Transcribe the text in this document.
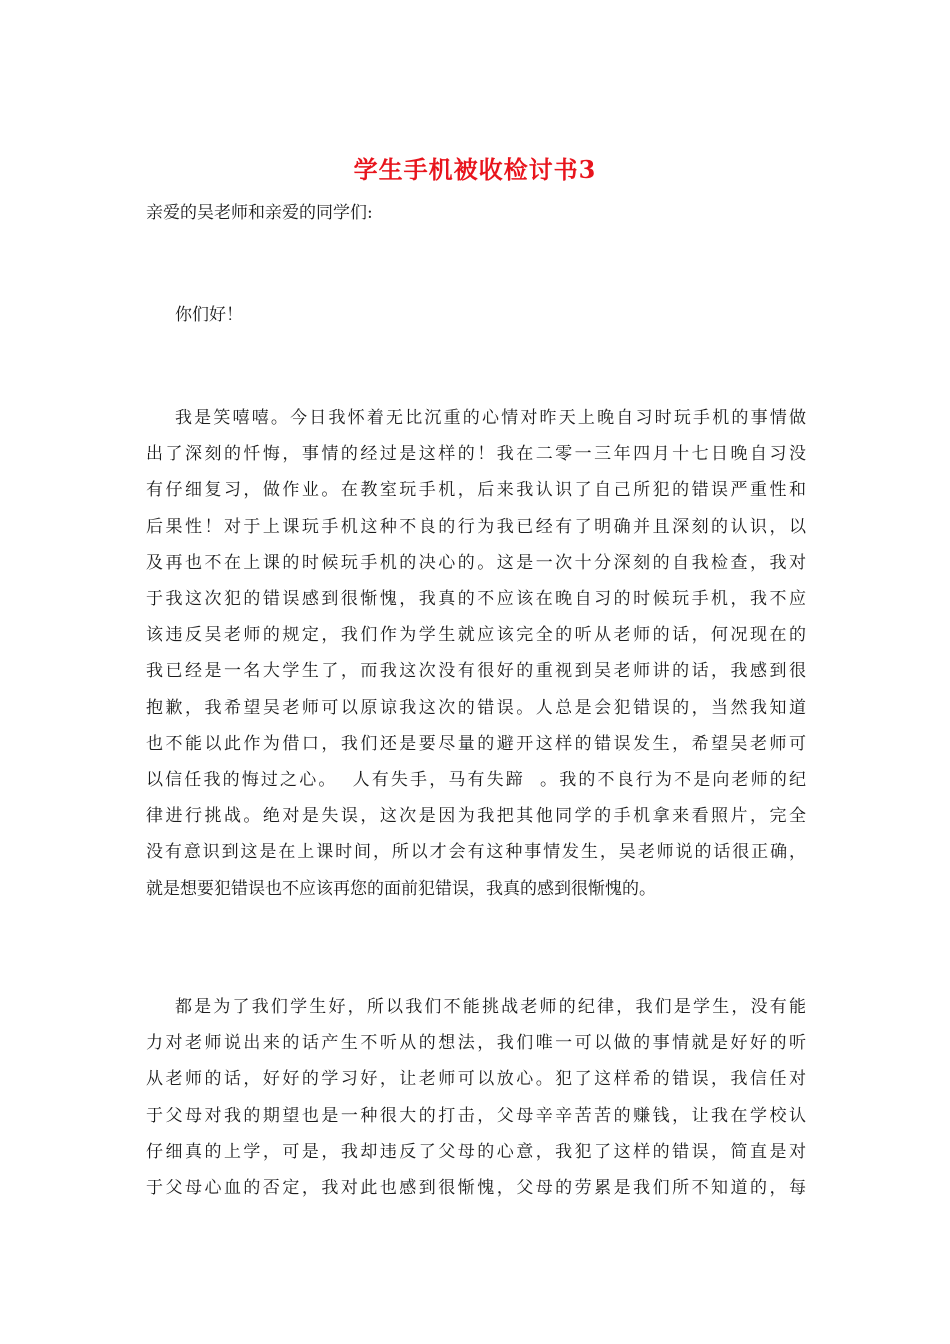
学生手机被收检讨书3
亲爱的吴老师和亲爱的同学们:
你们好！
我是笑嘻嘻。今日我怀着无比沉重的心情对昨天上晚自习时玩手机的事情做
出了深刻的忏悔，事情的经过是这样的！我在二零一三年四月十七日晚自习没
有仔细复习，做作业。在教室玩手机，后来我认识了自己所犯的错误严重性和
后果性！对于上课玩手机这种不良的行为我已经有了明确并且深刻的认识，以
及再也不在上课的时候玩手机的决心的。这是一次十分深刻的自我检查，我对
于我这次犯的错误感到很惭愧，我真的不应该在晚自习的时候玩手机，我不应
该违反吴老师的规定，我们作为学生就应该完全的听从老师的话，何况现在的
我已经是一名大学生了，而我这次没有很好的重视到吴老师讲的话，我感到很
抱歉，我希望吴老师可以原谅我这次的错误。人总是会犯错误的，当然我知道
也不能以此作为借口，我们还是要尽量的避开这样的错误发生，希望吴老师可
以信任我的悔过之心。  人有失手，马有失蹄  。我的不良行为不是向老师的纪
律进行挑战。绝对是失误，这次是因为我把其他同学的手机拿来看照片，完全
没有意识到这是在上课时间，所以才会有这种事情发生，吴老师说的话很正确，
就是想要犯错误也不应该再您的面前犯错误，我真的感到很惭愧的。
都是为了我们学生好，所以我们不能挑战老师的纪律，我们是学生，没有能
力对老师说出来的话产生不听从的想法，我们唯一可以做的事情就是好好的听
从老师的话，好好的学习好，让老师可以放心。犯了这样希的错误，我信任对
于父母对我的期望也是一种很大的打击，父母辛辛苦苦的赚钱，让我在学校认
仔细真的上学，可是，我却违反了父母的心意，我犯了这样的错误，简直是对
于父母心血的否定，我对此也感到很惭愧，父母的劳累是我们所不知道的，每
